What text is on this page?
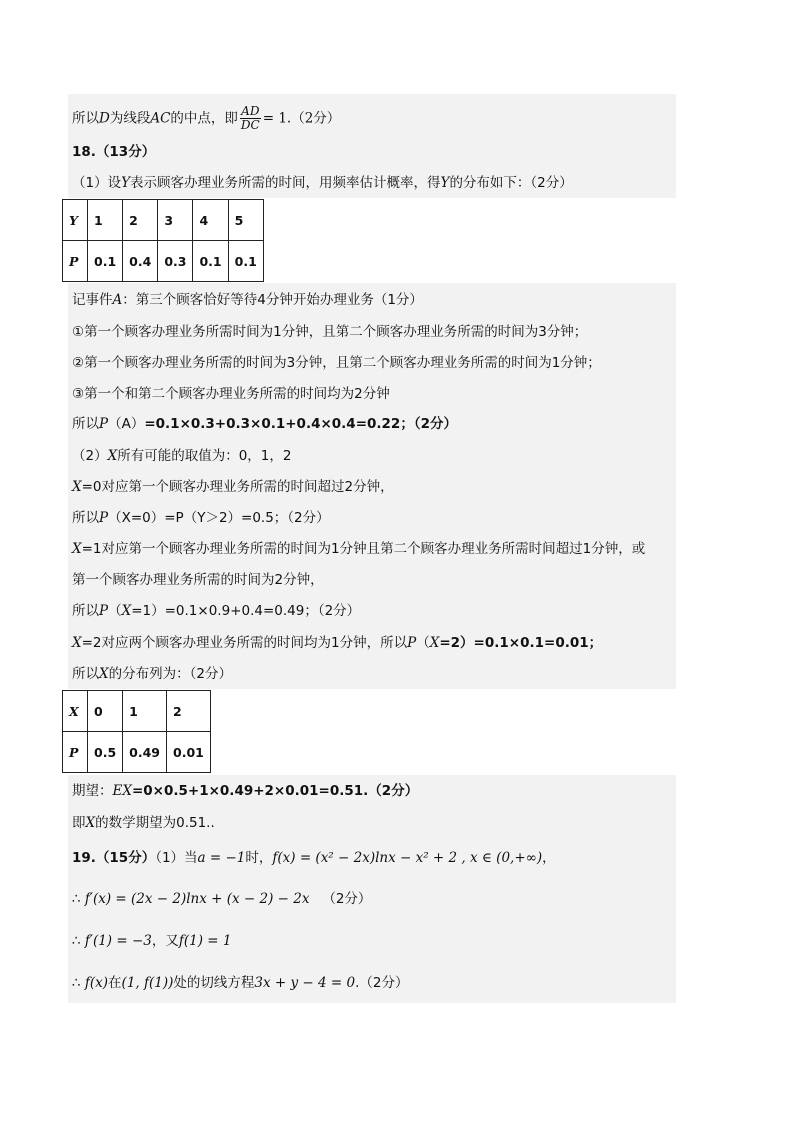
所以D为线段AC的中点，即 $\frac{AD}{DC} = 1.(2$分）
18.（13分）
（1）设Y表示顾客办理业务所需的时间，用频率估计概率，得Y的分布如下：（2分）
Y	1	2	3	4	5
P	0.1	0.4	0.3	0.1	0.1
记事件A：第三个顾客恰好等待4分钟开始办理业务（1分）
①第一个顾客办理业务所需时间为1分钟，且第二个顾客办理业务所需的时间为3分钟；
②第一个顾客办理业务所需的时间为3分钟，且第二个顾客办理业务所需的时间为1分钟；
③第一个和第二个顾客办理业务所需的时间均为2分钟
所以P（A）=0.1×0.3+0.3×0.1+0.4×0.4=0.22；（2分）
（2）X所有可能的取值为：0，1，2
X=0对应第一个顾客办理业务所需的时间超过2分钟，
所以P（X=0）=P（Y＞2）=0.5；（2分）
X=1对应第一个顾客办理业务所需的时间为1分钟且第二个顾客办理业务所需时间超过1分钟，或
第一个顾客办理业务所需的时间为2分钟，
所以P（X=1）=0.1×0.9+0.4=0.49；（2分）
X=2对应两个顾客办理业务所需的时间均为1分钟，所以P（X=2）=0.1×0.1=0.01；
所以X的分布列为：（2分）
X	0	1	2
P	0.5	0.49	0.01
期望：EX=0×0.5+1×0.49+2×0.01=0.51.（2分）
即X的数学期望为0.51..
19.（15分）（1）当a = −1时，f(x) = (x² − 2x)lnx − x² + 2 , x ∈ (0,+∞)，
∴ f′(x) = (2x − 2)lnx + (x − 2) − 2x （2分）
∴ f′(1) = −3，又f(1) = 1
∴ f(x)在(1, f(1))处的切线方程3x + y − 4 = 0.（2分）
